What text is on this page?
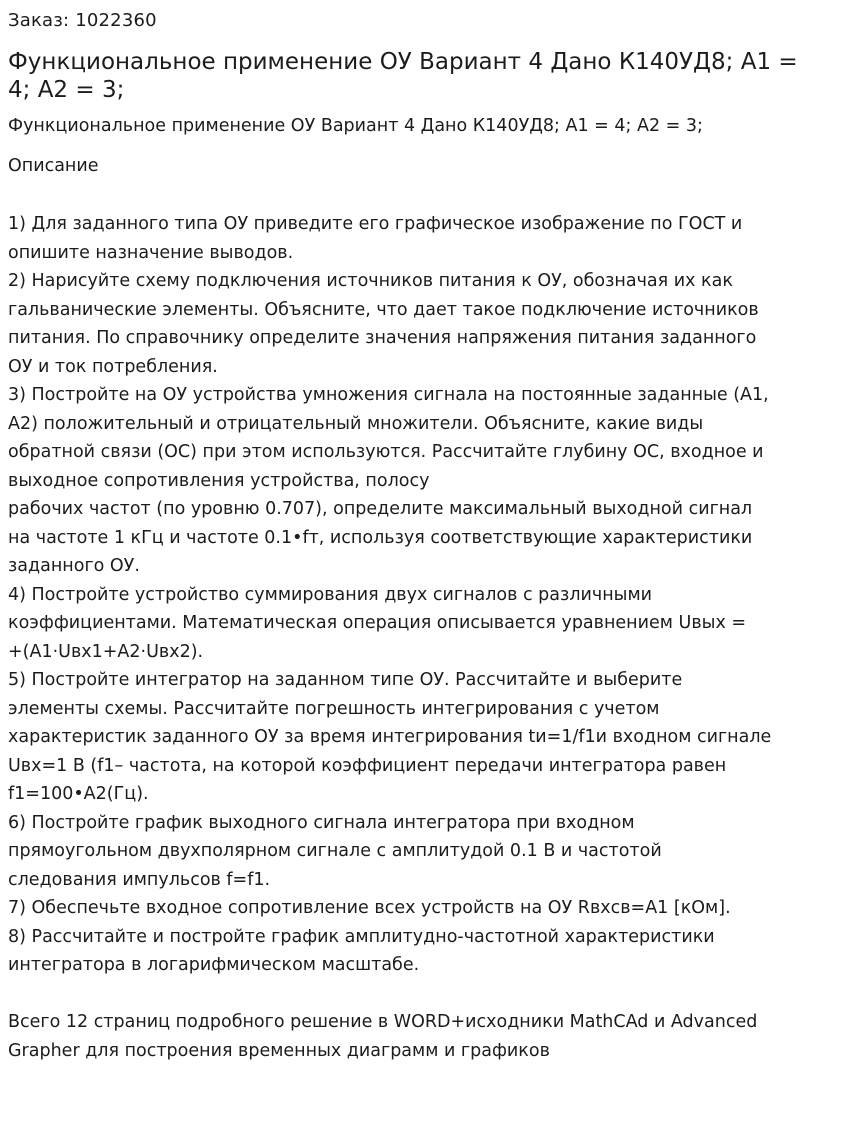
Заказ: 1022360
Функциональное применение ОУ Вариант 4 Дано К140УД8; А1 =
4; А2 = 3;
Функциональное применение ОУ Вариант 4 Дано К140УД8; А1 = 4; А2 = 3;
Описание
1) Для заданного типа ОУ приведите его графическое изображение по ГОСТ и
опишите назначение выводов.
2) Нарисуйте схему подключения источников питания к ОУ, обозначая их как
гальванические элементы. Объясните, что дает такое подключение источников
питания. По справочнику определите значения напряжения питания заданного
ОУ и ток потребления.
3) Постройте на ОУ устройства умножения сигнала на постоянные заданные (А1,
А2) положительный и отрицательный множители. Объясните, какие виды
обратной связи (ОС) при этом используются. Рассчитайте глубину ОС, входное и
выходное сопротивления устройства, полосу
рабочих частот (по уровню 0.707), определите максимальный выходной сигнал
на частоте 1 кГц и частоте 0.1•fт, используя соответствующие характеристики
заданного ОУ.
4) Постройте устройство суммирования двух сигналов с различными
коэффициентами. Математическая операция описывается уравнением Uвых =
+(А1·Uвх1+А2·Uвх2).
5) Постройте интегратор на заданном типе ОУ. Рассчитайте и выберите
элементы схемы. Рассчитайте погрешность интегрирования с учетом
характеристик заданного ОУ за время интегрирования tи=1/f1и входном сигнале
Uвх=1 В (f1– частота, на которой коэффициент передачи интегратора равен
f1=100•А2(Гц).
6) Постройте график выходного сигнала интегратора при входном
прямоугольном двухполярном сигнале с амплитудой 0.1 В и частотой
следования импульсов f=f1.
7) Обеспечьте входное сопротивление всех устройств на ОУ Rвхсв=А1 [кОм].
8) Рассчитайте и постройте график амплитудно-частотной характеристики
интегратора в логарифмическом масштабе.
Всего 12 страниц подробного решение в WORD+исходники MathCAd и Advanced
Grapher для построения временных диаграмм и графиков
